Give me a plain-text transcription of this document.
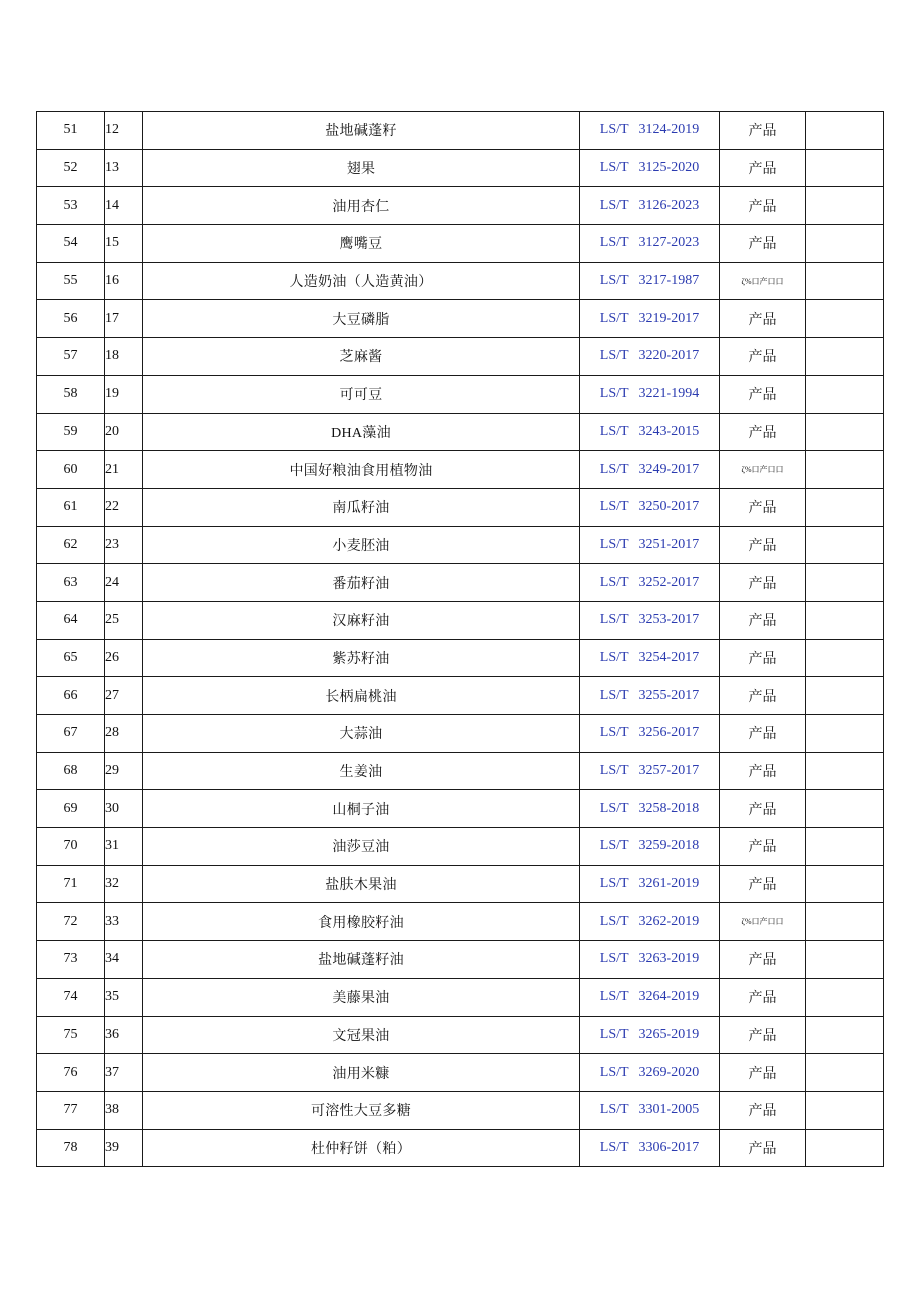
51	12	盐地碱蓬籽	LS/T 3124-2019	产品	
52	13	翅果	LS/T 3125-2020	产品	
53	14	油用杏仁	LS/T 3126-2023	产品	
54	15	鹰嘴豆	LS/T 3127-2023	产品	
55	16	人造奶油（人造黄油）	LS/T 3217-1987	ζ%口产口口	
56	17	大豆磷脂	LS/T 3219-2017	产品	
57	18	芝麻酱	LS/T 3220-2017	产品	
58	19	可可豆	LS/T 3221-1994	产品	
59	20	DHA藻油	LS/T 3243-2015	产品	
60	21	中国好粮油食用植物油	LS/T 3249-2017	ζ%口产口口	
61	22	南瓜籽油	LS/T 3250-2017	产品	
62	23	小麦胚油	LS/T 3251-2017	产品	
63	24	番茄籽油	LS/T 3252-2017	产品	
64	25	汉麻籽油	LS/T 3253-2017	产品	
65	26	紫苏籽油	LS/T 3254-2017	产品	
66	27	长柄扁桃油	LS/T 3255-2017	产品	
67	28	大蒜油	LS/T 3256-2017	产品	
68	29	生姜油	LS/T 3257-2017	产品	
69	30	山桐子油	LS/T 3258-2018	产品	
70	31	油莎豆油	LS/T 3259-2018	产品	
71	32	盐肤木果油	LS/T 3261-2019	产品	
72	33	食用橡胶籽油	LS/T 3262-2019	ζ%口产口口	
73	34	盐地碱蓬籽油	LS/T 3263-2019	产品	
74	35	美藤果油	LS/T 3264-2019	产品	
75	36	文冠果油	LS/T 3265-2019	产品	
76	37	油用米糠	LS/T 3269-2020	产品	
77	38	可溶性大豆多糖	LS/T 3301-2005	产品	
78	39	杜仲籽饼（粕）	LS/T 3306-2017	产品	
